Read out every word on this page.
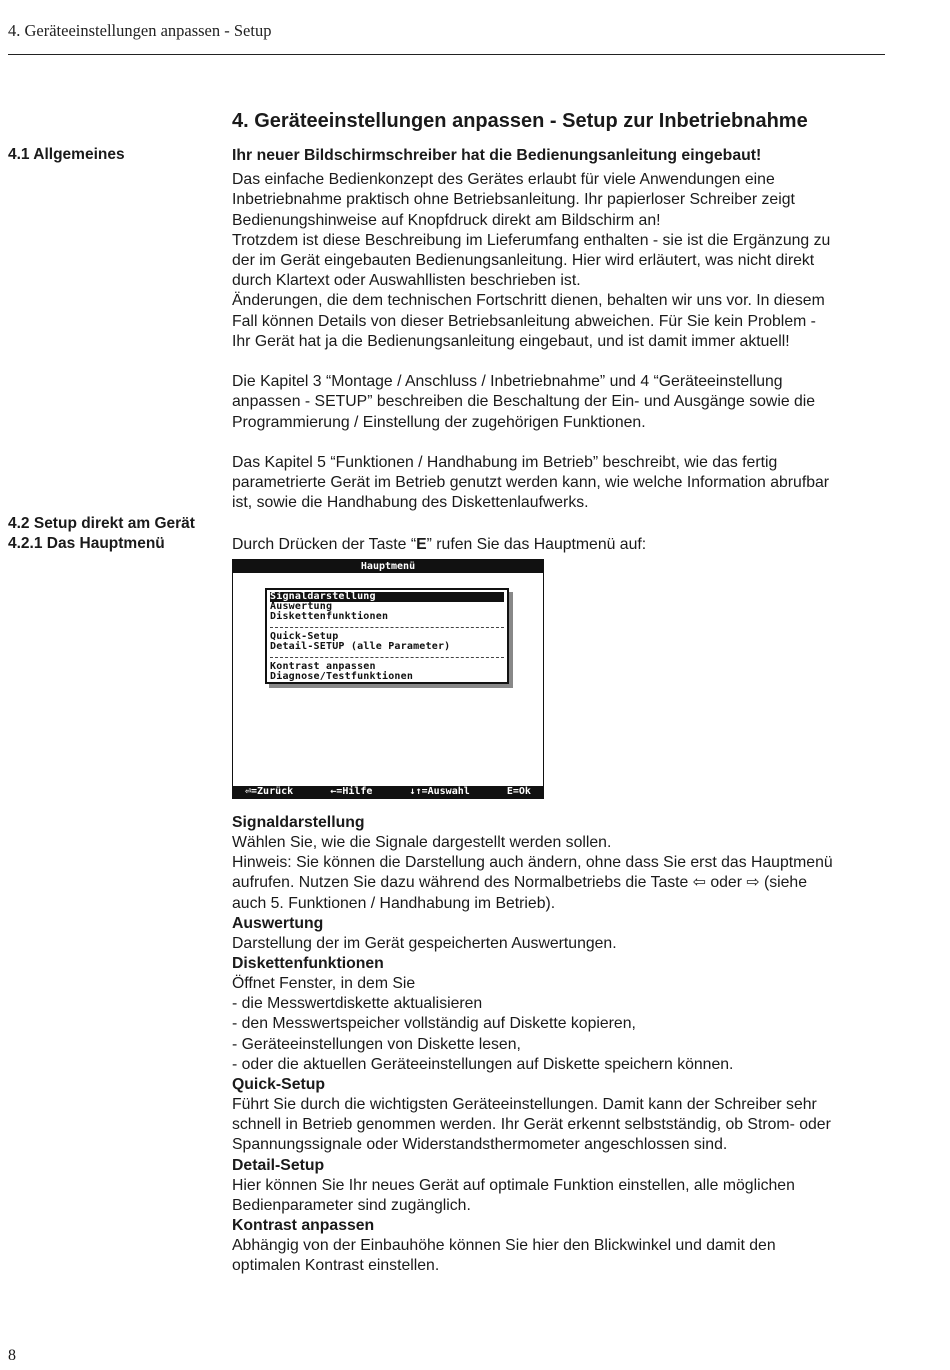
4. Geräteeinstellungen anpassen - Setup
4. Geräteeinstellungen anpassen - Setup zur Inbetriebnahme
4.1 Allgemeines
4.2 Setup direkt am Gerät
4.2.1 Das Hauptmenü

Ihr neuer Bildschirmschreiber hat die Bedienungsanleitung eingebaut!

Das einfache Bedienkonzept des Gerätes erlaubt für viele Anwendungen eine
Inbetriebnahme praktisch ohne Betriebsanleitung. Ihr papierloser Schreiber zeigt
Bedienungshinweise auf Knopfdruck direkt am Bildschirm an!
Trotzdem ist diese Beschreibung im Lieferumfang enthalten - sie ist die Ergänzung zu
der im Gerät eingebauten Bedienungsanleitung. Hier wird erläutert, was nicht direkt
durch Klartext oder Auswahllisten beschrieben ist.
Änderungen, die dem technischen Fortschritt dienen, behalten wir uns vor. In diesem
Fall können Details von dieser Betriebsanleitung abweichen. Für Sie kein Problem -
Ihr Gerät hat ja die Bedienungsanleitung eingebaut, und ist damit immer aktuell!

Die Kapitel 3 “Montage / Anschluss / Inbetriebnahme” und 4 “Geräteeinstellung
anpassen - SETUP” beschreiben die Beschaltung der Ein- und Ausgänge sowie die
Programmierung / Einstellung der zugehörigen Funktionen.

Das Kapitel 5 “Funktionen / Handhabung im Betrieb” beschreibt, wie das fertig
parametrierte Gerät im Betrieb genutzt werden kann, wie welche Information abrufbar
ist, sowie die Handhabung des Diskettenlaufwerks.

Durch Drücken der Taste “E” rufen Sie das Hauptmenü auf:

Hauptmenü
Signaldarstellung
Auswertung
Diskettenfunktionen
Quick-Setup
Detail-SETUP (alle Parameter)
Kontrast anpassen
Diagnose/Testfunktionen
⏎=Zurück	←=Hilfe	↓↑=Auswahl	E=Ok
Signaldarstellung

Wählen Sie, wie die Signale dargestellt werden sollen.
Hinweis: Sie können die Darstellung auch ändern, ohne dass Sie erst das Hauptmenü
aufrufen. Nutzen Sie dazu während des Normalbetriebs die Taste ⇦ oder ⇨ (siehe
auch 5. Funktionen / Handhabung im Betrieb).

Auswertung

Darstellung der im Gerät gespeicherten Auswertungen.

Diskettenfunktionen

Öffnet Fenster, in dem Sie
- die Messwertdiskette aktualisieren
- den Messwertspeicher vollständig auf Diskette kopieren,
- Geräteeinstellungen von Diskette lesen,
- oder die aktuellen Geräteeinstellungen auf Diskette speichern können.

Quick-Setup

Führt Sie durch die wichtigsten Geräteeinstellungen. Damit kann der Schreiber sehr
schnell in Betrieb genommen werden. Ihr Gerät erkennt selbstständig, ob Strom- oder
Spannungssignale oder Widerstandsthermometer angeschlossen sind.

Detail-Setup

Hier können Sie Ihr neues Gerät auf optimale Funktion einstellen, alle möglichen
Bedienparameter sind zugänglich.

Kontrast anpassen

Abhängig von der Einbauhöhe können Sie hier den Blickwinkel und damit den
optimalen Kontrast einstellen.

8
